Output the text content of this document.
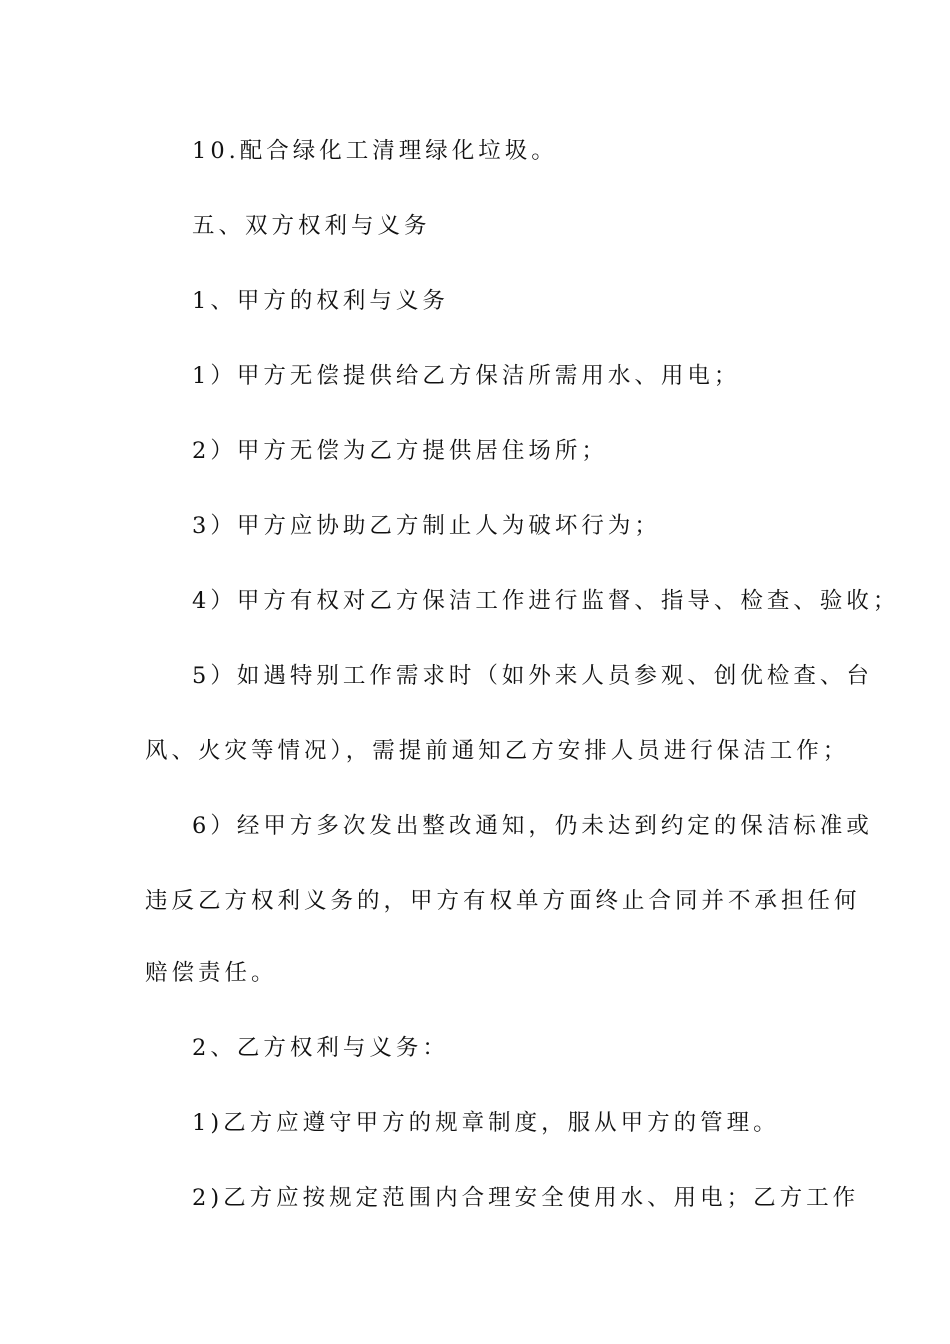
10.配合绿化工清理绿化垃圾。
五、双方权利与义务
1、甲方的权利与义务
1）甲方无偿提供给乙方保洁所需用水、用电；
2）甲方无偿为乙方提供居住场所；
3）甲方应协助乙方制止人为破坏行为；
4）甲方有权对乙方保洁工作进行监督、指导、检查、验收；
5）如遇特别工作需求时（如外来人员参观、创优检查、台
风、火灾等情况），需提前通知乙方安排人员进行保洁工作；
6）经甲方多次发出整改通知，仍未达到约定的保洁标准或
违反乙方权利义务的，甲方有权单方面终止合同并不承担任何
赔偿责任。
2、乙方权利与义务：
1)乙方应遵守甲方的规章制度，服从甲方的管理。
2)乙方应按规定范围内合理安全使用水、用电；乙方工作
